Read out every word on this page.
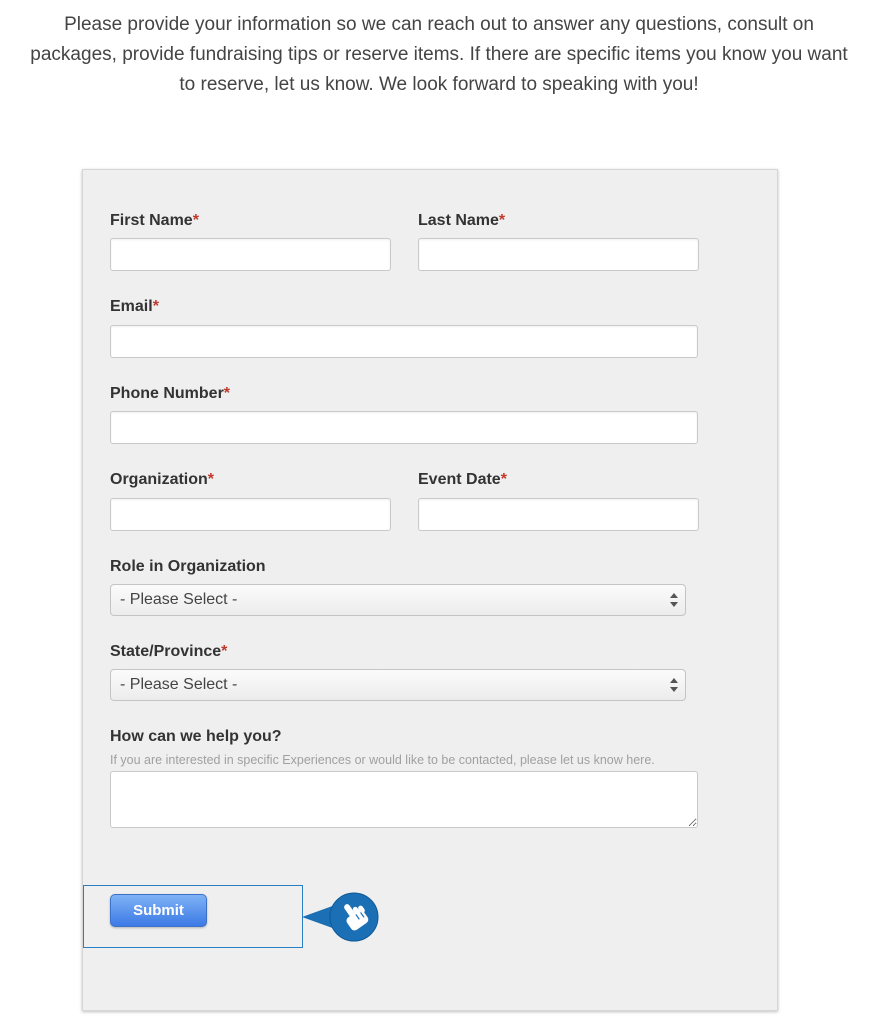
Please provide your information so we can reach out to answer any questions, consult on
packages, provide fundraising tips or reserve items. If there are specific items you know you want
to reserve, let us know. We look forward to speaking with you!

First Name*	Last Name*
Email*
Phone Number*
Organization*	Event Date*
Role in Organization
- Please Select -
State/Province*
- Please Select -
How can we help you?
If you are interested in specific Experiences or would like to be contacted, please let us know here.
Submit
